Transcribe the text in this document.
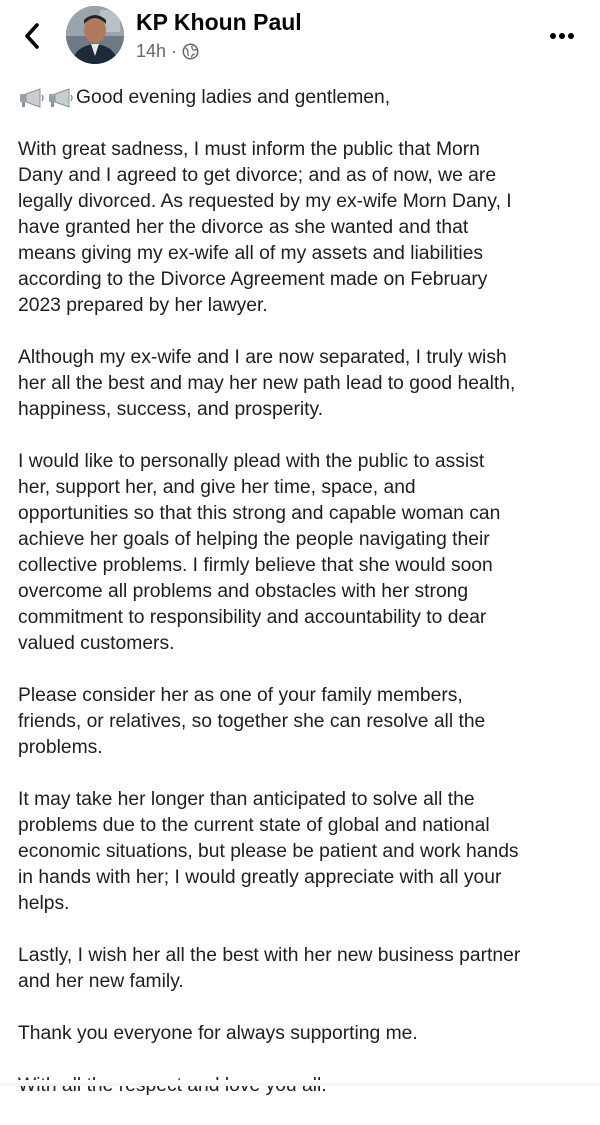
KP Khoun Paul
14h ·

Good evening ladies and gentlemen,

With great sadness, I must inform the public that Morn
Dany and I agreed to get divorce; and as of now, we are
legally divorced. As requested by my ex-wife Morn Dany, I
have granted her the divorce as she wanted and that
means giving my ex-wife all of my assets and liabilities
according to the Divorce Agreement made on February
2023 prepared by her lawyer.

Although my ex-wife and I are now separated, I truly wish
her all the best and may her new path lead to good health,
happiness, success, and prosperity.

I would like to personally plead with the public to assist
her, support her, and give her time, space, and
opportunities so that this strong and capable woman can
achieve her goals of helping the people navigating their
collective problems. I firmly believe that she would soon
overcome all problems and obstacles with her strong
commitment to responsibility and accountability to dear
valued customers.

Please consider her as one of your family members,
friends, or relatives, so together she can resolve all the
problems.

It may take her longer than anticipated to solve all the
problems due to the current state of global and national
economic situations, but please be patient and work hands
in hands with her; I would greatly appreciate with all your
helps.

Lastly, I wish her all the best with her new business partner
and her new family.

Thank you everyone for always supporting me.
